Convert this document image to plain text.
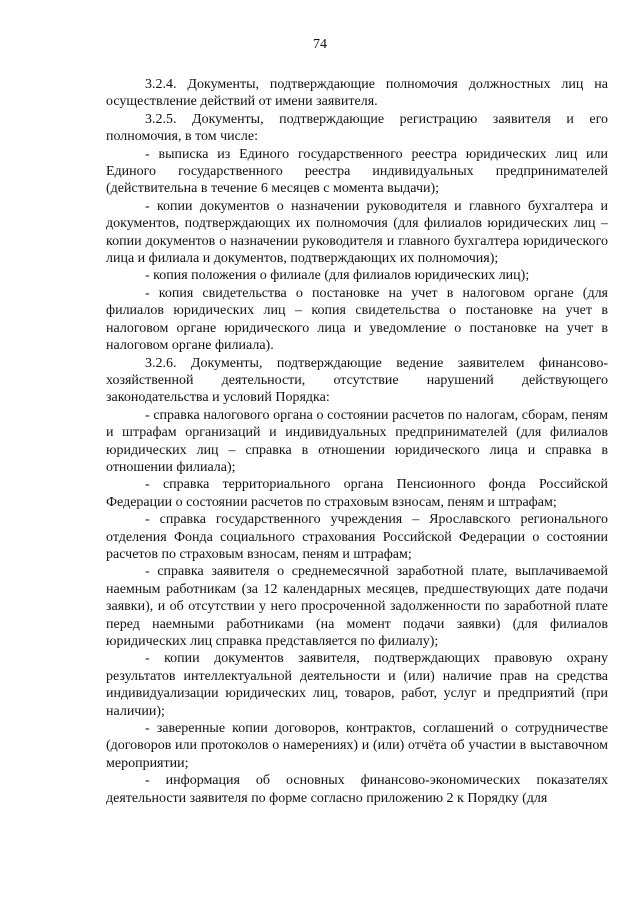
74

3.2.4. Документы, подтверждающие полномочия должностных лиц на осуществление действий от имени заявителя.

3.2.5. Документы, подтверждающие регистрацию заявителя и его полномочия, в том числе:

- выписка из Единого государственного реестра юридических лиц или Единого государственного реестра индивидуальных предпринимателей (действительна в течение 6 месяцев с момента выдачи);

- копии документов о назначении руководителя и главного бухгалтера и документов, подтверждающих их полномочия (для филиалов юридических лиц – копии документов о назначении руководителя и главного бухгалтера юридического лица и филиала и документов, подтверждающих их полномочия);

- копия положения о филиале (для филиалов юридических лиц);

- копия свидетельства о постановке на учет в налоговом органе (для филиалов юридических лиц – копия свидетельства о постановке на учет в налоговом органе юридического лица и уведомление о постановке на учет в налоговом органе филиала).

3.2.6. Документы, подтверждающие ведение заявителем финансово-хозяйственной деятельности, отсутствие нарушений действующего законодательства и условий Порядка:

- справка налогового органа о состоянии расчетов по налогам, сборам, пеням и штрафам организаций и индивидуальных предпринимателей (для филиалов юридических лиц – справка в отношении юридического лица и справка в отношении филиала);

- справка территориального органа Пенсионного фонда Российской Федерации о состоянии расчетов по страховым взносам, пеням и штрафам;

- справка государственного учреждения – Ярославского регионального отделения Фонда социального страхования Российской Федерации о состоянии расчетов по страховым взносам, пеням и штрафам;

- справка заявителя о среднемесячной заработной плате, выплачиваемой наемным работникам (за 12 календарных месяцев, предшествующих дате подачи заявки), и об отсутствии у него просроченной задолженности по заработной плате перед наемными работниками (на момент подачи заявки) (для филиалов юридических лиц справка представляется по филиалу);

- копии документов заявителя, подтверждающих правовую охрану результатов интеллектуальной деятельности и (или) наличие прав на средства индивидуализации юридических лиц, товаров, работ, услуг и предприятий (при наличии);

- заверенные копии договоров, контрактов, соглашений о сотрудничестве (договоров или протоколов о намерениях) и (или) отчёта об участии в выставочном мероприятии;

- информация об основных финансово-экономических показателях деятельности заявителя по форме согласно приложению 2 к Порядку (для
